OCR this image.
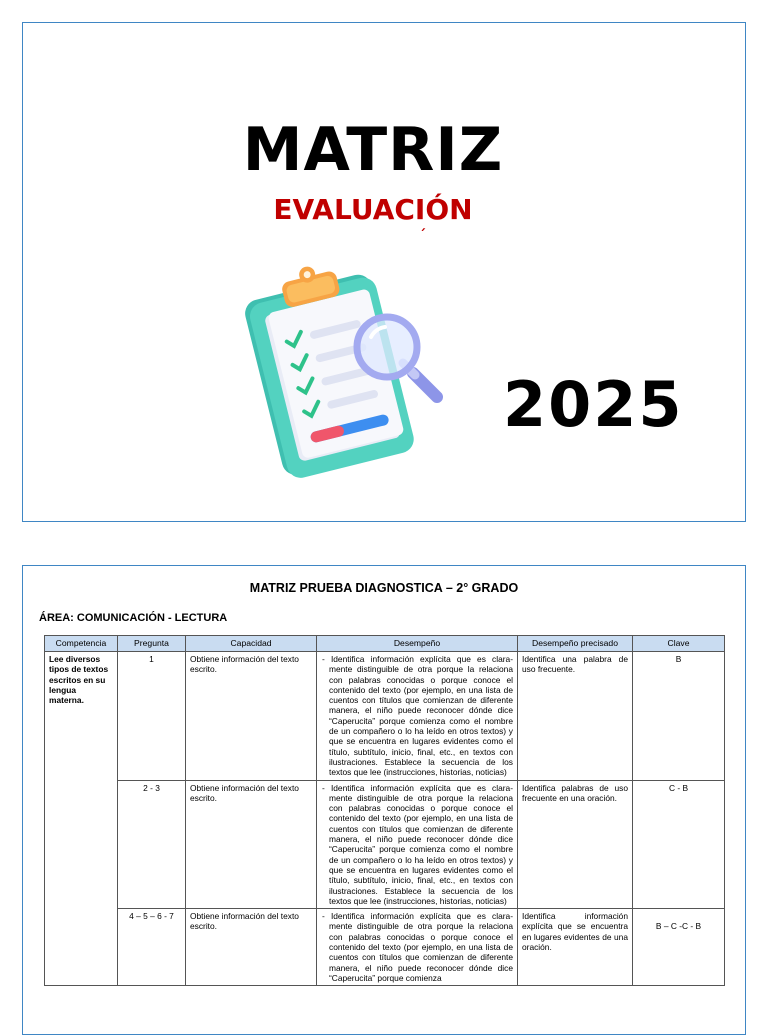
MATRIZ
EVALUACIÓN
´
2025
MATRIZ PRUEBA DIAGNOSTICA – 2° GRADO
ÁREA: COMUNICACIÓN - LECTURA
Competencia	Pregunta	Capacidad	Desempeño	Desempeño precisado	Clave
Lee diversos tipos de textos escritos en su lengua materna.	1	Obtiene información del texto escrito.	- Identifica información explícita que es clara- mente distinguible de otra porque la relaciona con palabras conocidas o porque conoce el contenido del texto (por ejemplo, en una lista de cuentos con títulos que comienzan de diferente manera, el niño puede reconocer dónde dice “Caperucita” porque comienza como el nombre de un compañero o lo ha leído en otros textos) y que se encuentra en lugares evidentes como el título, subtítulo, inicio, final, etc., en textos con ilustraciones. Establece la secuencia de los textos que lee (instrucciones, historias, noticias)	Identifica una palabra de uso frecuente.	B
	2 - 3	Obtiene información del texto escrito.	- Identifica información explícita que es clara- mente distinguible de otra porque la relaciona con palabras conocidas o porque conoce el contenido del texto (por ejemplo, en una lista de cuentos con títulos que comienzan de diferente manera, el niño puede reconocer dónde dice “Caperucita” porque comienza como el nombre de un compañero o lo ha leído en otros textos) y que se encuentra en lugares evidentes como el título, subtítulo, inicio, final, etc., en textos con ilustraciones. Establece la secuencia de los textos que lee (instrucciones, historias, noticias)	Identifica palabras de uso frecuente en una oración.	C - B
	4 – 5 – 6 - 7	Obtiene información del texto escrito.	- Identifica información explícita que es clara- mente distinguible de otra porque la relaciona con palabras conocidas o porque conoce el contenido del texto (por ejemplo, en una lista de cuentos con títulos que comienzan de diferente manera, el niño puede reconocer dónde dice “Caperucita” porque comienza	Identifica información explícita que se encuentra en lugares evidentes de una oración.	B – C -C - B
